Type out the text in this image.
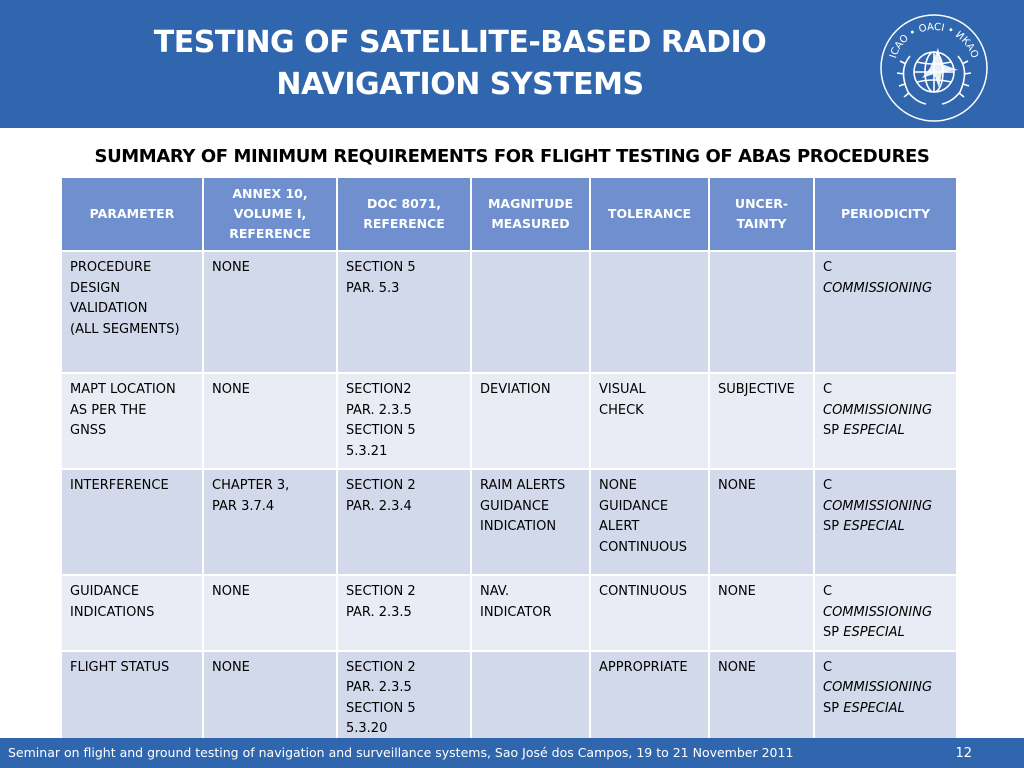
TESTING OF SATELLITE-BASED RADIO
NAVIGATION SYSTEMS
ICAO • OACI • ИКАО
SUMMARY OF MINIMUM REQUIREMENTS FOR FLIGHT TESTING OF ABAS PROCEDURES
PARAMETER	ANNEX 10,
VOLUME I,
REFERENCE	DOC 8071,
REFERENCE	MAGNITUDE
MEASURED	TOLERANCE	UNCER-
TAINTY	PERIODICITY

PROCEDURE
DESIGN
VALIDATION
(ALL SEGMENTS)	NONE	SECTION 5
PAR. 5.3				C
COMMISSIONING

MAPT LOCATION
AS PER THE
GNSS	NONE	SECTION2
PAR. 2.3.5
SECTION 5
5.3.21	DEVIATION	VISUAL
CHECK	SUBJECTIVE	C
COMMISSIONING
SP ESPECIAL

INTERFERENCE	CHAPTER 3,
PAR 3.7.4	SECTION 2
PAR. 2.3.4	RAIM ALERTS
GUIDANCE
INDICATION	NONE
GUIDANCE
ALERT
CONTINUOUS	NONE	C
COMMISSIONING
SP ESPECIAL

GUIDANCE
INDICATIONS	NONE	SECTION 2
PAR. 2.3.5	NAV.
INDICATOR	CONTINUOUS	NONE	C
COMMISSIONING
SP ESPECIAL

FLIGHT STATUS	NONE	SECTION 2
PAR. 2.3.5
SECTION 5
5.3.20		APPROPRIATE	NONE	C
COMMISSIONING
SP ESPECIAL
Seminar on flight and ground testing of navigation and surveillance systems, Sao José dos Campos, 19 to 21 November 2011	12
